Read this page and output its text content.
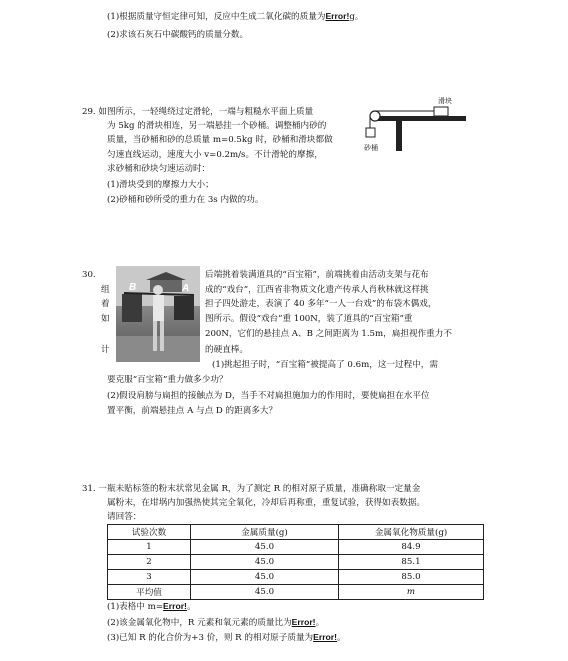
(1)根据质量守恒定律可知，反应中生成二氧化碳的质量为Error!g。
(2)求该石灰石中碳酸钙的质量分数。
29. 如图所示，一轻绳绕过定滑轮，一端与粗糙水平面上质量
为 5kg 的滑块相连，另一端悬挂一个砂桶。调整桶内砂的
质量，当砂桶和砂的总质量 m=0.5kg 时，砂桶和滑块都做
匀速直线运动，速度大小 v=0.2m/s。不计滑轮的摩擦，
求砂桶和砂块匀速运动时：
(1)滑块受到的摩擦力大小；
(2)砂桶和砂所受的重力在 3s 内做的功。
滑块
砂桶
30.
组
着
如
计
B	A
后端挑着装满道具的“百宝箱”，前端挑着由活动支架与花布
成的“戏台”，江西省非物质文化遗产传承人肖秋林就这样挑
担子四处游走，表演了 40 多年“一人一台戏”的布袋木偶戏，
图所示。假设“戏台”重 100N，装了道具的“百宝箱”重
200N，它们的悬挂点 A、B 之间距离为 1.5m，扁担视作重力不
的硬直棒。
(1)挑起担子时，“百宝箱”被提高了 0.6m，这一过程中，需
要克服“百宝箱”重力做多少功？
(2)假设肩膀与扁担的接触点为 D，当手不对扁担施加力的作用时，要使扁担在水平位
置平衡，前端悬挂点 A 与点 D 的距离多大？
31. 一瓶未贴标签的粉末状常见金属 R，为了测定 R 的相对原子质量，准确称取一定量金
属粉末，在坩埚内加强热使其完全氧化，冷却后再称重，重复试验，获得如表数据。
请回答：
试验次数	金属质量(g)	金属氧化物质量(g)
1	45.0	84.9
2	45.0	85.1
3	45.0	85.0
平均值	45.0	m
(1)表格中 m=Error!。
(2)该金属氧化物中，R 元素和氧元素的质量比为Error!。
(3)已知 R 的化合价为+3 价，则 R 的相对原子质量为Error!。
